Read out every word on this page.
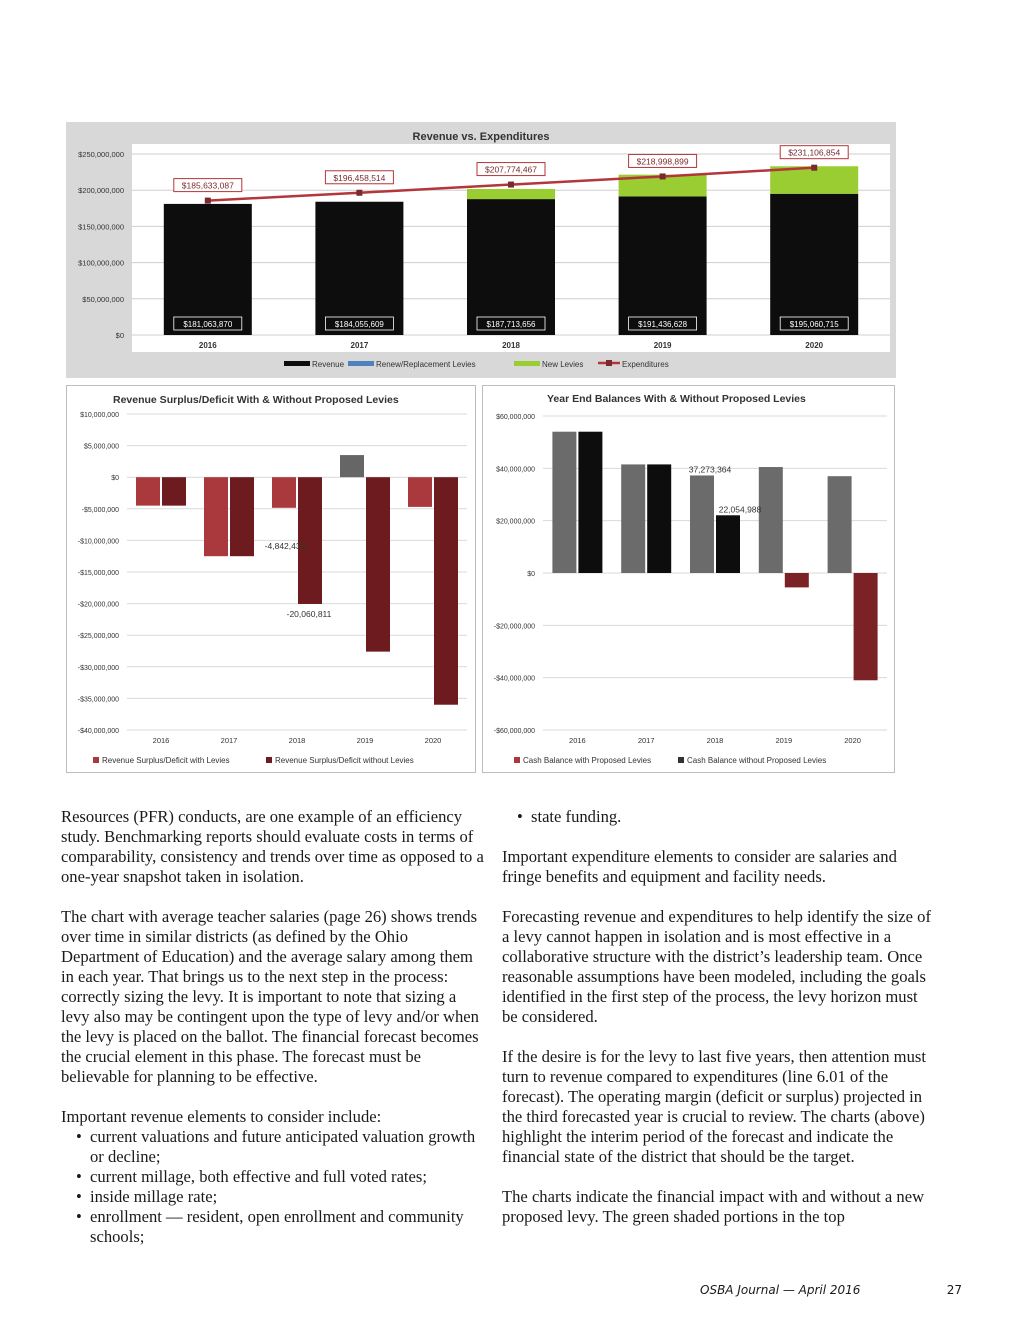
Revenue vs. Expenditures
$250,000,000
$200,000,000
$150,000,000
$100,000,000
$50,000,000
$0
$181,063,870
2016
$184,055,609
2017
$187,713,656
2018
$191,436,628
2019
$195,060,715
2020
$185,633,087
$196,458,514
$207,774,467
$218,998,899
$231,106,854
Revenue	Renew/Replacement Levies	New Levies	Expenditures
Revenue Surplus/Deficit With & Without Proposed Levies
$10,000,000
$5,000,000
$0
-$5,000,000
-$10,000,000
-$15,000,000
-$20,000,000
-$25,000,000
-$30,000,000
-$35,000,000
-$40,000,000
2016	2017	2018	2019	2020
-4,842,433
-20,060,811
Revenue Surplus/Deficit with Levies	Revenue Surplus/Deficit without Levies
Year End Balances With & Without Proposed Levies
$60,000,000
$40,000,000
$20,000,000
$0
-$20,000,000
-$40,000,000
-$60,000,000
2016	2017	2018	2019	2020
37,273,364
22,054,988
Cash Balance with Proposed Levies	Cash Balance without Proposed Levies

Resources (PFR) conducts, are one example of an efficiency study. Benchmarking reports should evaluate costs in terms of comparability, consistency and trends over time as opposed to a one-year snapshot taken in isolation.

The chart with average teacher salaries (page 26) shows trends over time in similar districts (as defined by the Ohio Department of Education) and the average salary among them in each year. That brings us to the next step in the process: correctly sizing the levy. It is important to note that sizing a levy also may be contingent upon the type of levy and/or when the levy is placed on the ballot. The financial forecast becomes the crucial element in this phase. The forecast must be believable for planning to be effective.

Important revenue elements to consider include:

• current valuations and future anticipated valuation growth or decline;
• current millage, both effective and full voted rates;
• inside millage rate;
• enrollment — resident, open enrollment and community schools;
• state funding.

Important expenditure elements to consider are salaries and fringe benefits and equipment and facility needs.

Forecasting revenue and expenditures to help identify the size of a levy cannot happen in isolation and is most effective in a collaborative structure with the district’s leadership team. Once reasonable assumptions have been modeled, including the goals identified in the first step of the process, the levy horizon must be considered.

If the desire is for the levy to last five years, then attention must turn to revenue compared to expenditures (line 6.01 of the forecast). The operating margin (deficit or surplus) projected in the third forecasted year is crucial to review. The charts (above) highlight the interim period of the forecast and indicate the financial state of the district that should be the target.

The charts indicate the financial impact with and without a new proposed levy. The green shaded portions in the top

OSBA Journal — April 2016	27
